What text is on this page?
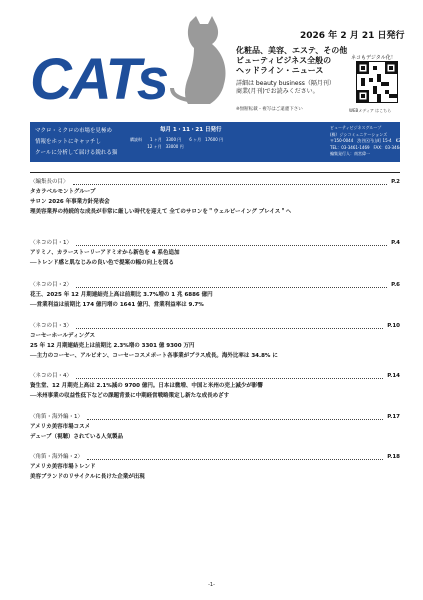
2026 年 2 月 21 日発行
CATs	化粧品、美容、エステ、その他
ビューティビジネス全般の
ヘッドライン・ニュース
詳細は beauty business（隔月刊）
商業(月刊)でお読みください。
※無断転載・複写はご遠慮下さい
ネコもデジタル化！
WEBメディア はこちら
マクロ・ミクロの市場を見極め
情報をホットにキャッチし
クールに分析して届ける鋭れる猫
毎月 1・11・21 日発行
購読料　　1 ヶ月　3300 円　　6 ヶ月　17600 円
　　　　 12 ヶ月　33000 円
ビューティビジネスグループ
(株）ジシコミュニケーションズ
〒150-0044　渋谷区円山町 15-4　K2 ビル 3F
TEL：03-3461-1469　FAX：03-3464-5746
編集発行人：南宮偉一
〈編集長の目〉	P.2
タカラベルモントグループ
サロン 2026 年事業方針発表会
理美容業界の持続的な成長が非常に厳しい時代を迎えて 全てのサロンを＂ウェルビーイング プレイス＂へ
〈ネコの目・1〉	P.4
アリミノ、カラーストーリーアドミオから新色を 4 系色追加
──トレンド感と肌なじみの良い色で提案の幅の向上を図る
〈ネコの目・2〉	P.6
花王、2025 年 12 月期連結売上高は前期比 3.7%増の 1 兆 6886 億円
──営業利益は前期比 174 億円増の 1641 億円、営業利益率は 9.7%
〈ネコの目・3〉	P.10
コーセーホールディングス
25 年 12 月期連結売上は前期比 2.3%増の 3301 億 9300 万円
──主力のコーセー、アルビオン、コーセーコスメポート各事業がプラス成長。海外比率は 34.8% に
〈ネコの目・4〉	P.14
資生堂、12 月期売上高は 2.1%減の 9700 億円。日本は微増、中国と米州の売上減少が影響
──米州事業の収益性低下などの課題背景に中期経営戦略策定し新たな成長めざす
〈角笛・海外編・1〉	P.17
アメリカ美容市場コスメ
デューブ（視聴）されている人気製品
〈角笛・海外編・2〉	P.18
アメリカ美容市場トレンド
美容ブランドのリサイクルに長けた企業が出現
-1-
